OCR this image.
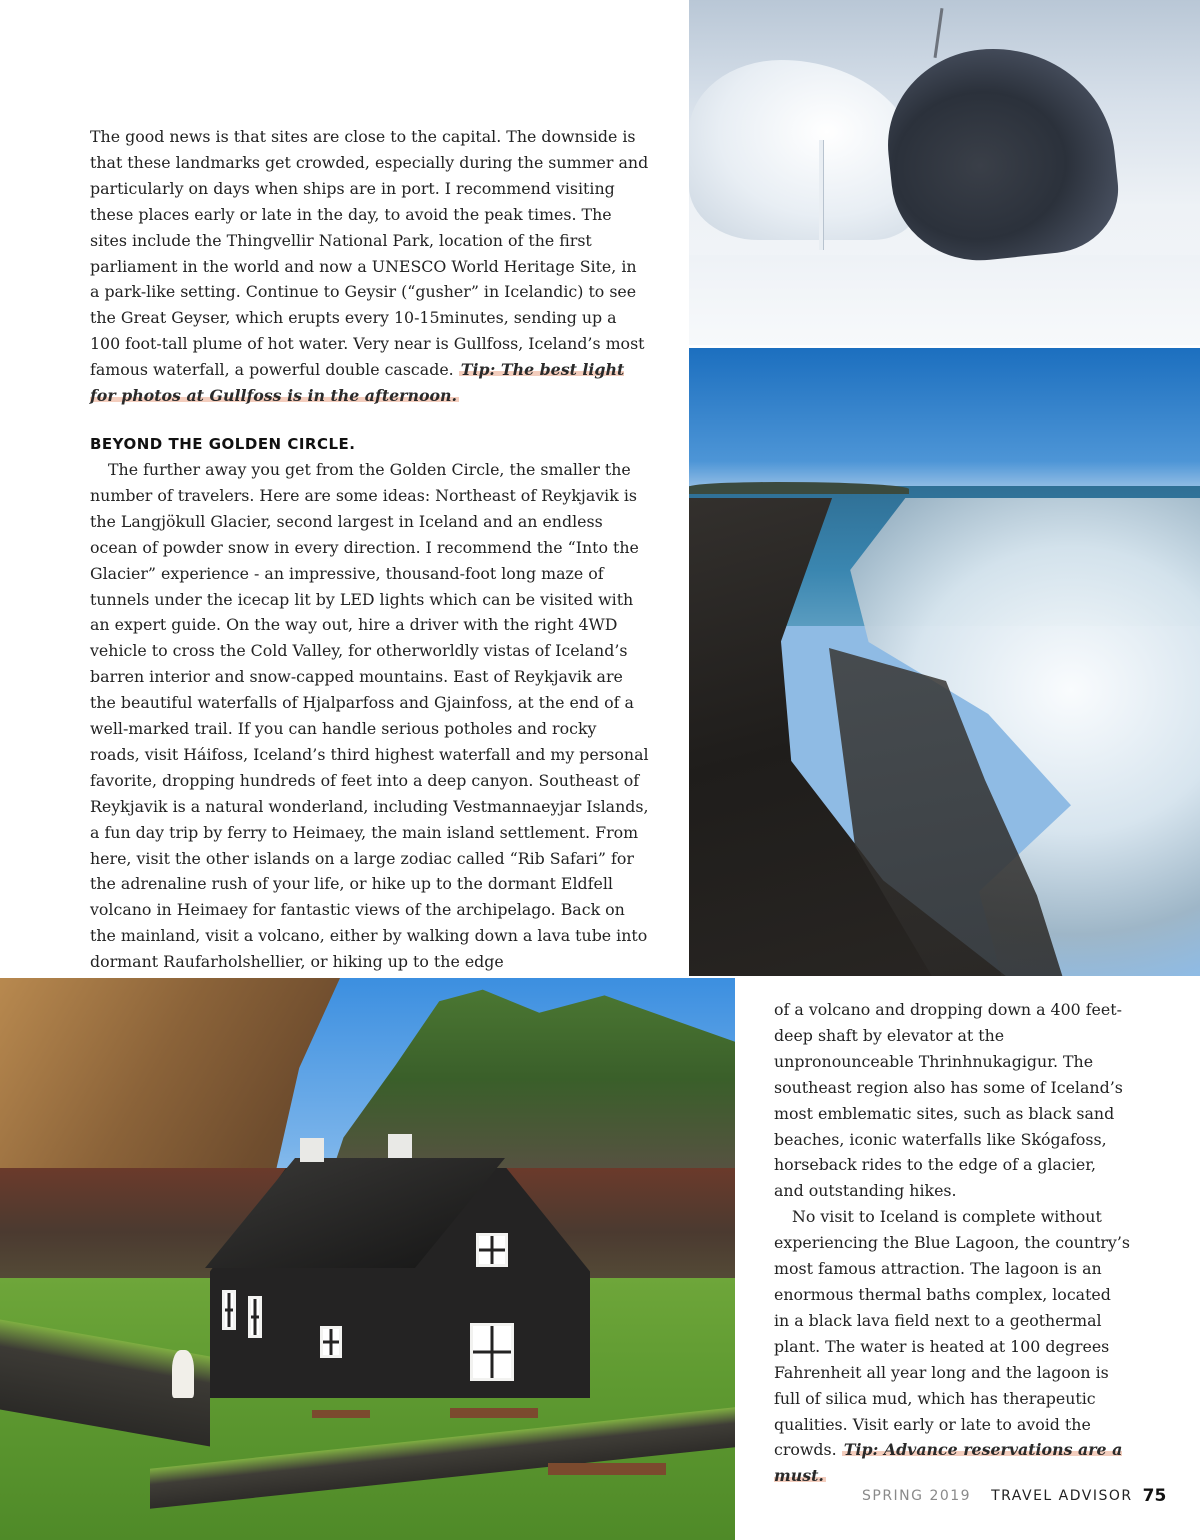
The good news is that sites are close to the capital. The downside is that these landmarks get crowded, especially during the summer and particularly on days when ships are in port. I recommend visiting these places early or late in the day, to avoid the peak times. The sites include the Thingvellir National Park, location of the first parliament in the world and now a UNESCO World Heritage Site, in a park-like setting. Continue to Geysir (“gusher” in Icelandic) to see the Great Geyser, which erupts every 10-15minutes, sending up a 100 foot-tall plume of hot water. Very near is Gullfoss, Iceland’s most famous waterfall, a powerful double cascade. Tip: The best light for photos at Gullfoss is in the afternoon.

BEYOND THE GOLDEN CIRCLE.

The further away you get from the Golden Circle, the smaller the number of travelers. Here are some ideas: Northeast of Reykjavik is the Langjökull Glacier, second largest in Iceland and an endless ocean of powder snow in every direction. I recommend the “Into the Glacier” experience - an impressive, thousand-foot long maze of tunnels under the icecap lit by LED lights which can be visited with an expert guide. On the way out, hire a driver with the right 4WD vehicle to cross the Cold Valley, for otherworldly vistas of Iceland’s barren interior and snow-capped mountains. East of Reykjavik are the beautiful waterfalls of Hjalparfoss and Gjainfoss, at the end of a well-marked trail. If you can handle serious potholes and rocky roads, visit Háifoss, Iceland’s third highest waterfall and my personal favorite, dropping hundreds of feet into a deep canyon. Southeast of Reykjavik is a natural wonderland, including Vestmannaeyjar Islands, a fun day trip by ferry to Heimaey, the main island settlement. From here, visit the other islands on a large zodiac called “Rib Safari” for the adrenaline rush of your life, or hike up to the dormant Eldfell volcano in Heimaey for fantastic views of the archipelago. Back on the mainland, visit a volcano, either by walking down a lava tube into dormant Raufarholshellier, or hiking up to the edge

of a volcano and dropping down a 400 feet-deep shaft by elevator at the unpronounceable Thrinhnukagigur. The southeast region also has some of Iceland’s most emblematic sites, such as black sand beaches, iconic waterfalls like Skógafoss, horseback rides to the edge of a glacier, and outstanding hikes.

No visit to Iceland is complete without experiencing the Blue Lagoon, the country’s most famous attraction. The lagoon is an enormous thermal baths complex, located in a black lava field next to a geothermal plant. The water is heated at 100 degrees Fahrenheit all year long and the lagoon is full of silica mud, which has therapeutic qualities. Visit early or late to avoid the crowds. Tip: Advance reservations are a must.

SPRING 2019 TRAVEL ADVISOR 75
